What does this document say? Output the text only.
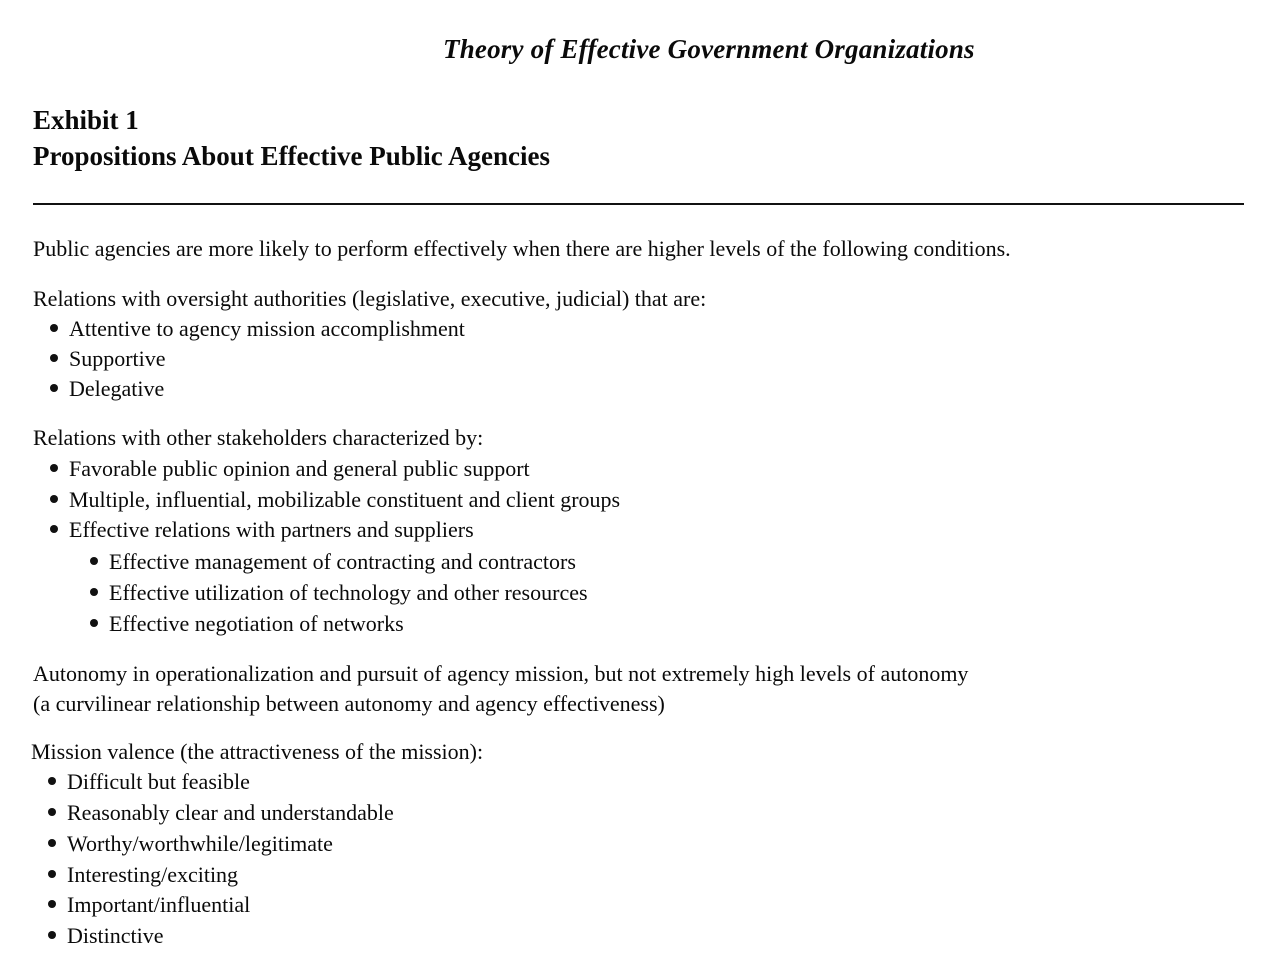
Theory of Effective Government Organizations
Exhibit 1
Propositions About Effective Public Agencies
Public agencies are more likely to perform effectively when there are higher levels of the following conditions.
Relations with oversight authorities (legislative, executive, judicial) that are:
Attentive to agency mission accomplishment
Supportive
Delegative
Relations with other stakeholders characterized by:
Favorable public opinion and general public support
Multiple, influential, mobilizable constituent and client groups
Effective relations with partners and suppliers
Effective management of contracting and contractors
Effective utilization of technology and other resources
Effective negotiation of networks
Autonomy in operationalization and pursuit of agency mission, but not extremely high levels of autonomy
(a curvilinear relationship between autonomy and agency effectiveness)
Mission valence (the attractiveness of the mission):
Difficult but feasible
Reasonably clear and understandable
Worthy/worthwhile/legitimate
Interesting/exciting
Important/influential
Distinctive
